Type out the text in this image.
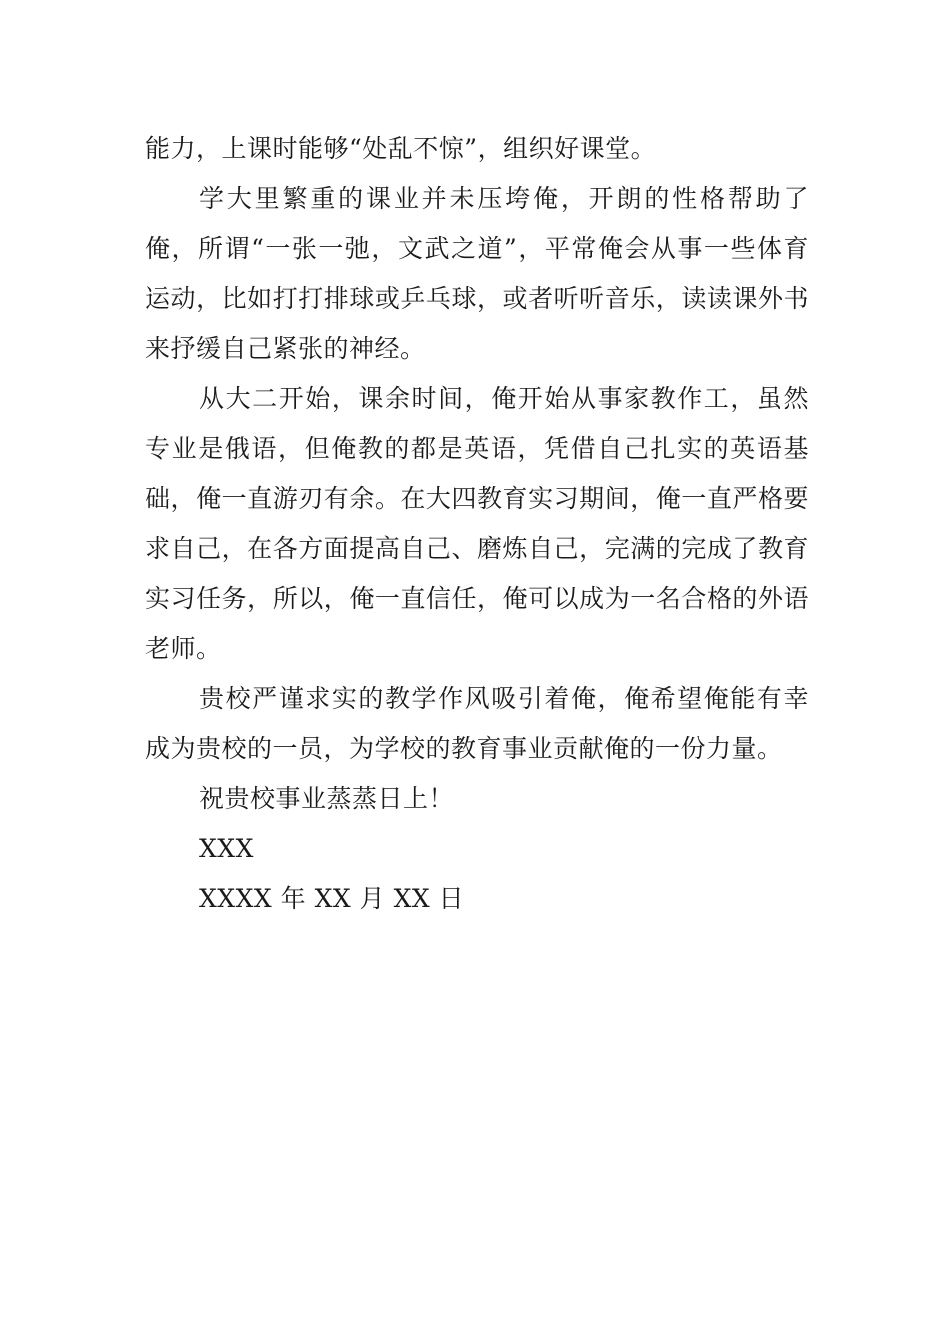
能力，上课时能够“处乱不惊”，组织好课堂。

学大里繁重的课业并未压垮俺，开朗的性格帮助了俺，所谓“一张一弛，文武之道”，平常俺会从事一些体育运动，比如打打排球或乒乓球，或者听听音乐，读读课外书来抒缓自己紧张的神经。

从大二开始，课余时间，俺开始从事家教作工，虽然专业是俄语，但俺教的都是英语，凭借自己扎实的英语基础，俺一直游刃有余。在大四教育实习期间，俺一直严格要求自己，在各方面提高自己、磨炼自己，完满的完成了教育实习任务，所以，俺一直信任，俺可以成为一名合格的外语老师。

贵校严谨求实的教学作风吸引着俺，俺希望俺能有幸成为贵校的一员，为学校的教育事业贡献俺的一份力量。

祝贵校事业蒸蒸日上！

XXX

XXXX 年 XX 月 XX 日
